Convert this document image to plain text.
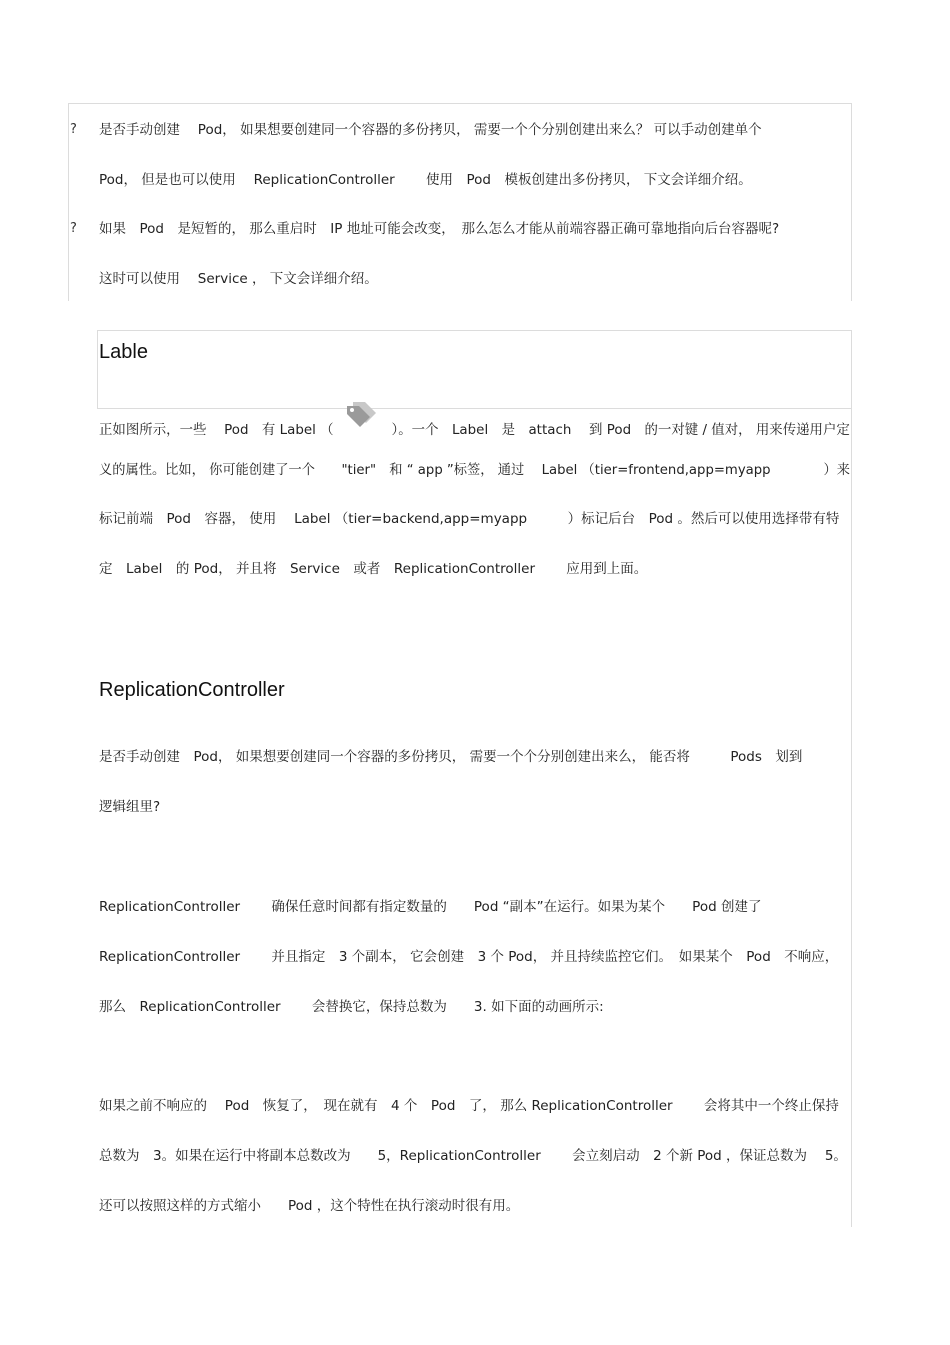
? 是否手动创建　 Pod， 如果想要创建同一个容器的多份拷贝， 需要一个个分别创建出来么？ 可以手动创建单个
Pod， 但是也可以使用　 ReplicationController　　 使用　Pod　模板创建出多份拷贝， 下文会详细介绍。
? 如果　Pod　是短暂的， 那么重启时　IP 地址可能会改变，　那么怎么才能从前端容器正确可靠地指向后台容器呢?
这时可以使用　 Service ， 下文会详细介绍。
Lable
正如图所示，一些　 Pod　有 Label （　　　　 ）。一个　Label　是　attach　 到 Pod　的一对键 / 值对， 用来传递用户定
义的属性。比如， 你可能创建了一个　　"tier"　和 “ app ”标签， 通过　 Label （tier=frontend,app=myapp　　　　）来
标记前端　Pod　容器， 使用　 Label （tier=backend,app=myapp　　　）标记后台　Pod 。然后可以使用选择带有特
定　Label　的 Pod， 并且将　Service　或者　ReplicationController　　 应用到上面。
ReplicationController
是否手动创建　Pod， 如果想要创建同一个容器的多份拷贝， 需要一个个分别创建出来么， 能否将　　　Pods　划到
逻辑组里?
ReplicationController　　 确保任意时间都有指定数量的　　Pod “副本”在运行。如果为某个　　Pod 创建了
ReplicationController　　 并且指定　3 个副本， 它会创建　3 个 Pod， 并且持续监控它们。　如果某个　Pod　不响应，
那么　ReplicationController　　 会替换它，保持总数为　　3. 如下面的动画所示:
如果之前不响应的　 Pod　恢复了，　现在就有　4 个　Pod　了， 那么 ReplicationController　　 会将其中一个终止保持
总数为　3。如果在运行中将副本总数改为　　5，ReplicationController　　 会立刻启动　2 个新 Pod ，保证总数为　 5。
还可以按照这样的方式缩小　　Pod ，这个特性在执行滚动时很有用。
